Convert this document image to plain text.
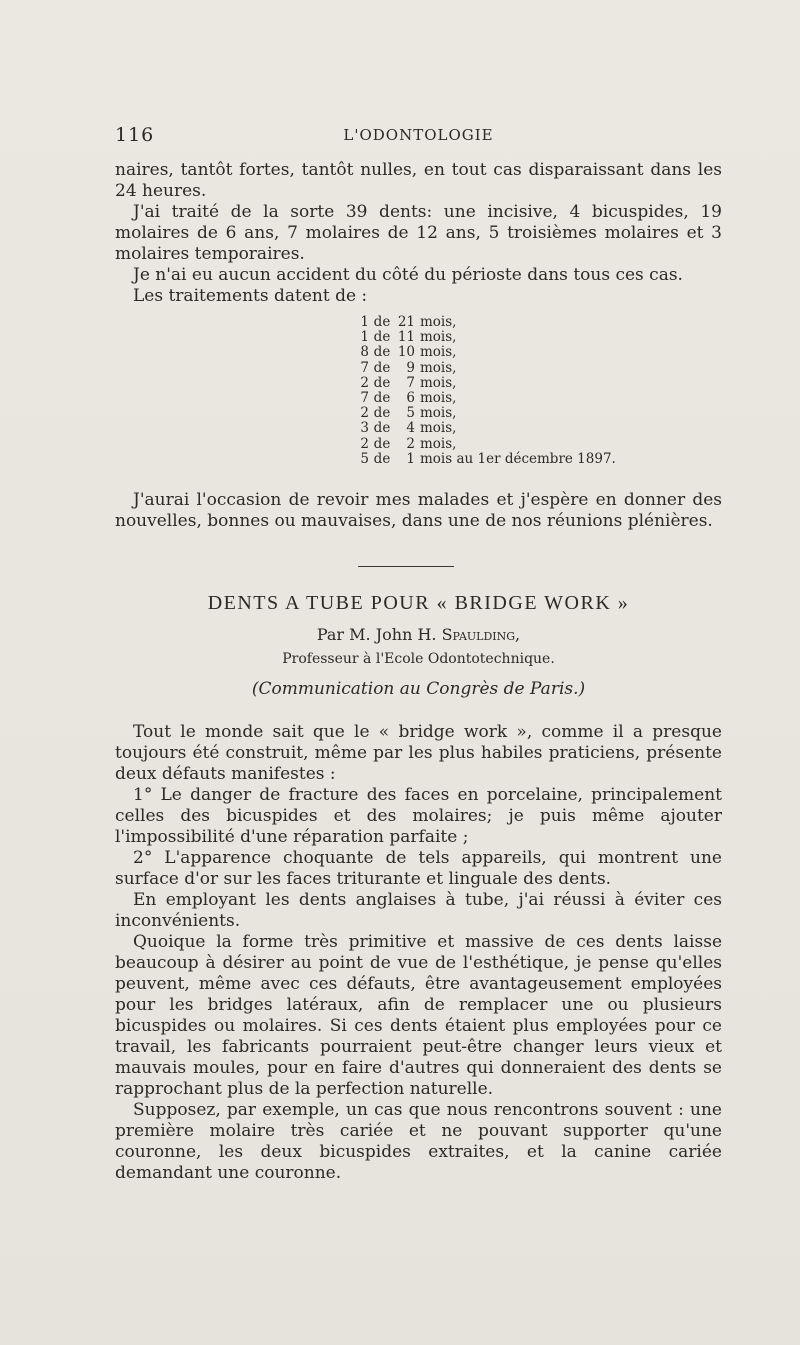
116	L'ODONTOLOGIE

naires, tantôt fortes, tantôt nulles, en tout cas disparaissant dans les 24 heures.

J'ai traité de la sorte 39 dents: une incisive, 4 bicuspides, 19 molaires de 6 ans, 7 molaires de 12 ans, 5 troisièmes molaires et 3 molaires temporaires.

Je n'ai eu aucun accident du côté du périoste dans tous ces cas.

Les traitements datent de :

1 de 21 mois,
1 de 11 mois,
8 de 10 mois,
7 de 9 mois,
2 de 7 mois,
7 de 6 mois,
2 de 5 mois,
3 de 4 mois,
2 de 2 mois,
5 de 1 mois au 1er décembre 1897.

J'aurai l'occasion de revoir mes malades et j'espère en donner des nouvelles, bonnes ou mauvaises, dans une de nos réunions plénières.

DENTS A TUBE POUR « BRIDGE WORK »
Par M. John H. Spaulding,
Professeur à l'Ecole Odontotechnique.
(Communication au Congrès de Paris.)

Tout le monde sait que le « bridge work », comme il a presque toujours été construit, même par les plus habiles praticiens, présente deux défauts manifestes :

1° Le danger de fracture des faces en porcelaine, principalement celles des bicuspides et des molaires; je puis même ajouter l'impossibilité d'une réparation parfaite ;

2° L'apparence choquante de tels appareils, qui montrent une surface d'or sur les faces triturante et linguale des dents.

En employant les dents anglaises à tube, j'ai réussi à éviter ces inconvénients.

Quoique la forme très primitive et massive de ces dents laisse beaucoup à désirer au point de vue de l'esthétique, je pense qu'elles peuvent, même avec ces défauts, être avantageusement employées pour les bridges latéraux, afin de remplacer une ou plusieurs bicuspides ou molaires. Si ces dents étaient plus employées pour ce travail, les fabricants pourraient peut-être changer leurs vieux et mauvais moules, pour en faire d'autres qui donneraient des dents se rapprochant plus de la perfection naturelle.

Supposez, par exemple, un cas que nous rencontrons souvent : une première molaire très cariée et ne pouvant supporter qu'une couronne, les deux bicuspides extraites, et la canine cariée demandant une couronne.
